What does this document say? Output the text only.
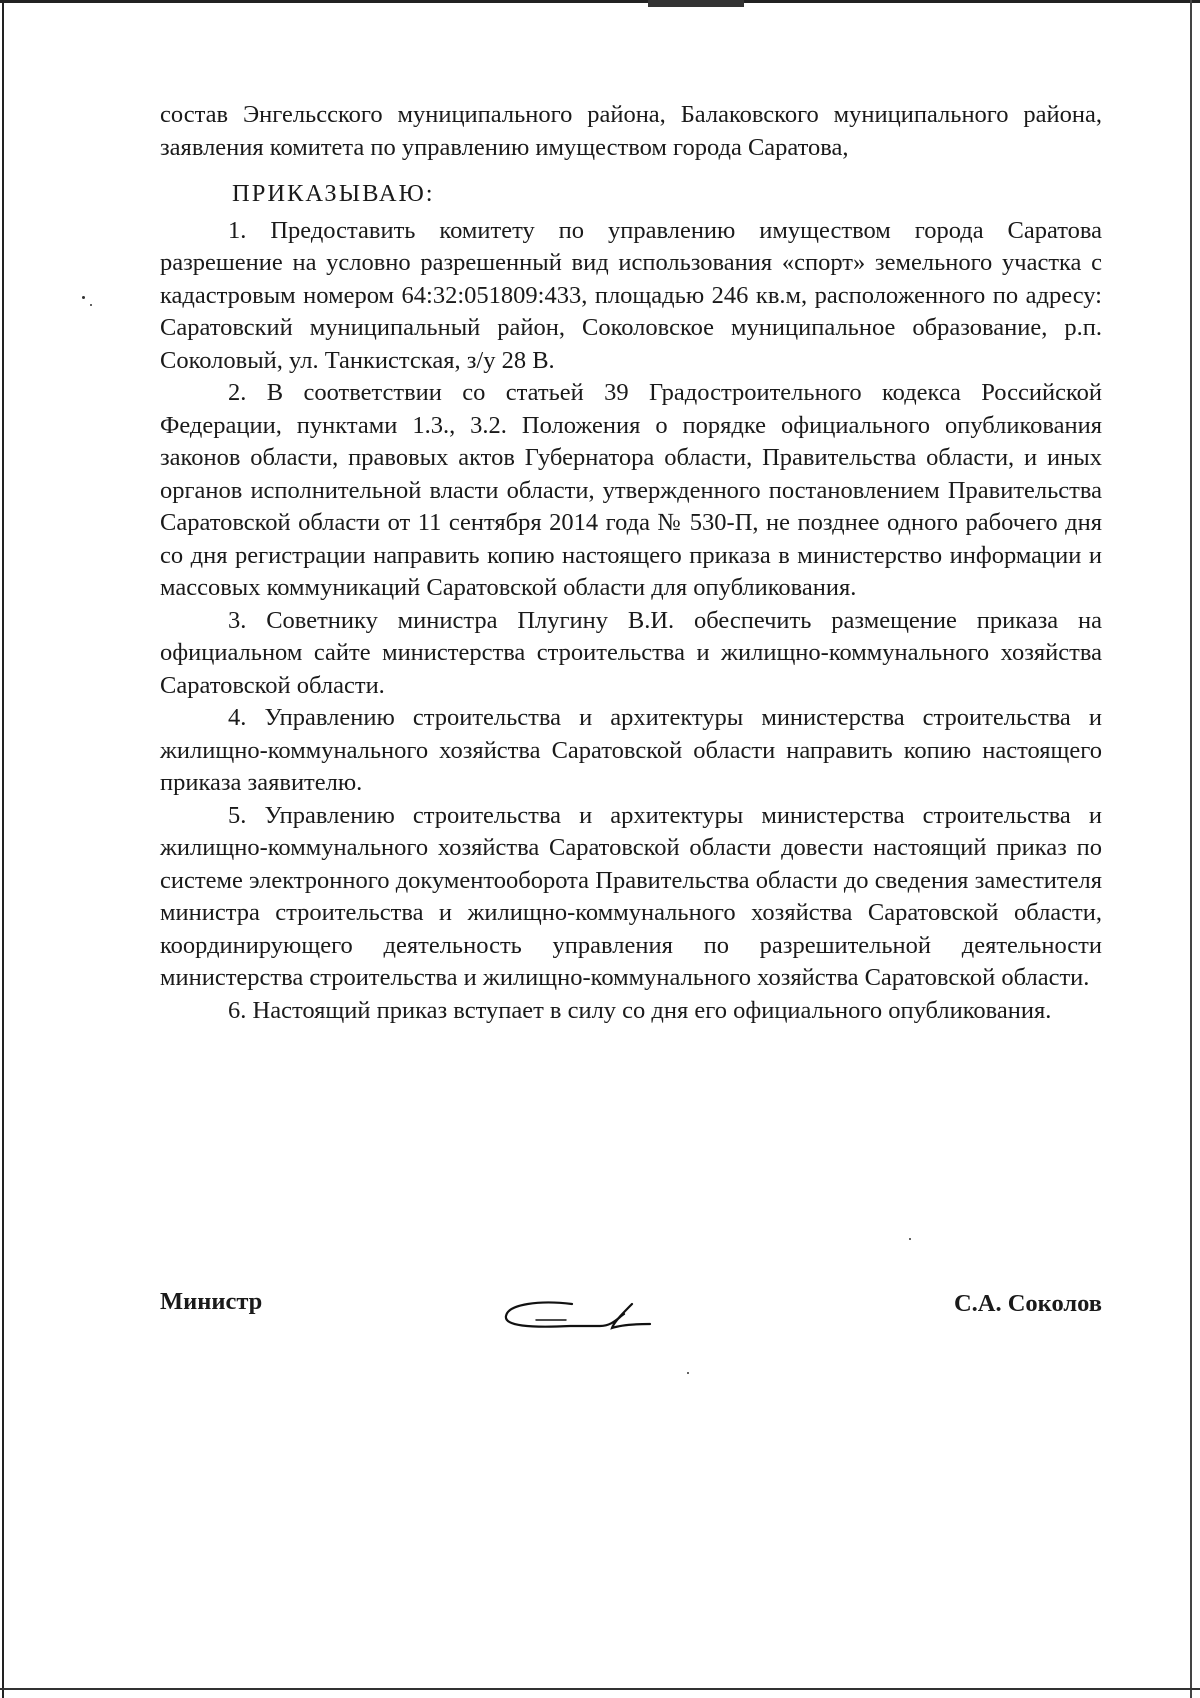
состав Энгельсского муниципального района, Балаковского муниципального района, заявления комитета по управлению имуществом города Саратова,

ПРИКАЗЫВАЮ:

1. Предоставить комитету по управлению имуществом города Саратова разрешение на условно разрешенный вид использования «спорт» земельного участка с кадастровым номером 64:32:051809:433, площадью 246 кв.м, расположенного по адресу: Саратовский муниципальный район, Соколовское муниципальное образование, р.п. Соколовый, ул. Танкистская, з/у 28 В.

2. В соответствии со статьей 39 Градостроительного кодекса Российской Федерации, пунктами 1.3., 3.2. Положения о порядке официального опубликования законов области, правовых актов Губернатора области, Правительства области, и иных органов исполнительной власти области, утвержденного постановлением Правительства Саратовской области от 11 сентября 2014 года № 530-П, не позднее одного рабочего дня со дня регистрации направить копию настоящего приказа в министерство информации и массовых коммуникаций Саратовской области для опубликования.

3. Советнику министра Плугину В.И. обеспечить размещение приказа на официальном сайте министерства строительства и жилищно-коммунального хозяйства Саратовской области.

4. Управлению строительства и архитектуры министерства строительства и жилищно-коммунального хозяйства Саратовской области направить копию настоящего приказа заявителю.

5. Управлению строительства и архитектуры министерства строительства и жилищно-коммунального хозяйства Саратовской области довести настоящий приказ по системе электронного документооборота Правительства области до сведения заместителя министра строительства и жилищно-коммунального хозяйства Саратовской области, координирующего деятельность управления по разрешительной деятельности министерства строительства и жилищно-коммунального хозяйства Саратовской области.

6. Настоящий приказ вступает в силу со дня его официального опубликования.

Министр	С.А. Соколов
